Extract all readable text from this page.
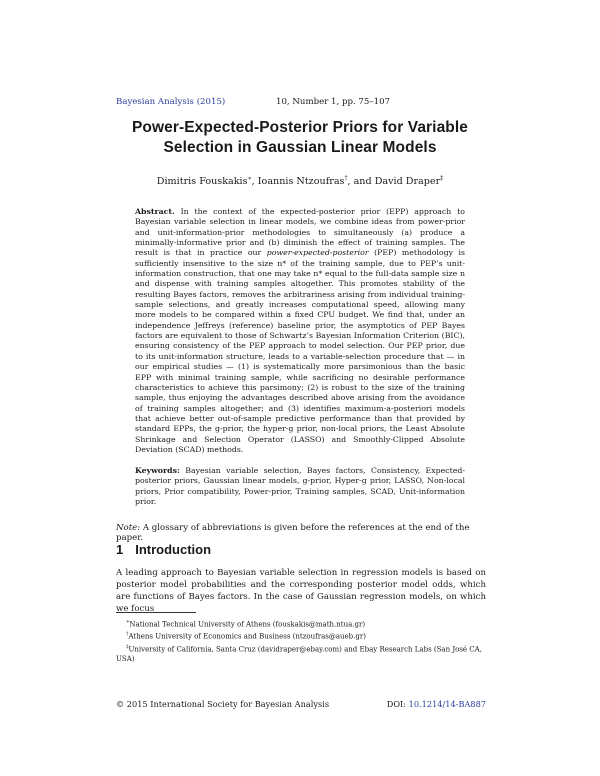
Bayesian Analysis (2015)	10, Number 1, pp. 75–107
Power-Expected-Posterior Priors for Variable
Selection in Gaussian Linear Models
Dimitris Fouskakis∗, Ioannis Ntzoufras†, and David Draper‡
Abstract. In the context of the expected-posterior prior (EPP) approach to Bayesian variable selection in linear models, we combine ideas from power-prior and unit-information-prior methodologies to simultaneously (a) produce a minimally-informative prior and (b) diminish the effect of training samples. The result is that in practice our power-expected-posterior (PEP) methodology is sufficiently insensitive to the size n* of the training sample, due to PEP’s unit-information construction, that one may take n* equal to the full-data sample size n and dispense with training samples altogether. This promotes stability of the resulting Bayes factors, removes the arbitrariness arising from individual training-sample selections, and greatly increases computational speed, allowing many more models to be compared within a fixed CPU budget. We find that, under an independence Jeffreys (reference) baseline prior, the asymptotics of PEP Bayes factors are equivalent to those of Schwartz’s Bayesian Information Criterion (BIC), ensuring consistency of the PEP approach to model selection. Our PEP prior, due to its unit-information structure, leads to a variable-selection procedure that — in our empirical studies — (1) is systematically more parsimonious than the basic EPP with minimal training sample, while sacrificing no desirable performance characteristics to achieve this parsimony; (2) is robust to the size of the training sample, thus enjoying the advantages described above arising from the avoidance of training samples altogether; and (3) identifies maximum-a-posteriori models that achieve better out-of-sample predictive performance than that provided by standard EPPs, the g-prior, the hyper-g prior, non-local priors, the Least Absolute Shrinkage and Selection Operator (LASSO) and Smoothly-Clipped Absolute Deviation (SCAD) methods.
Keywords: Bayesian variable selection, Bayes factors, Consistency, Expected-posterior priors, Gaussian linear models, g-prior, Hyper-g prior, LASSO, Non-local priors, Prior compatibility, Power-prior, Training samples, SCAD, Unit-information prior.
Note: A glossary of abbreviations is given before the references at the end of the paper.
1 Introduction
A leading approach to Bayesian variable selection in regression models is based on posterior model probabilities and the corresponding posterior model odds, which are functions of Bayes factors. In the case of Gaussian regression models, on which we focus
∗National Technical University of Athens (fouskakis@math.ntua.gr)
†Athens University of Economics and Business (ntzoufras@aueb.gr)
‡University of California, Santa Cruz (davidraper@ebay.com) and Ebay Research Labs (San José CA, USA)
© 2015 International Society for Bayesian Analysis	DOI: 10.1214/14-BA887
